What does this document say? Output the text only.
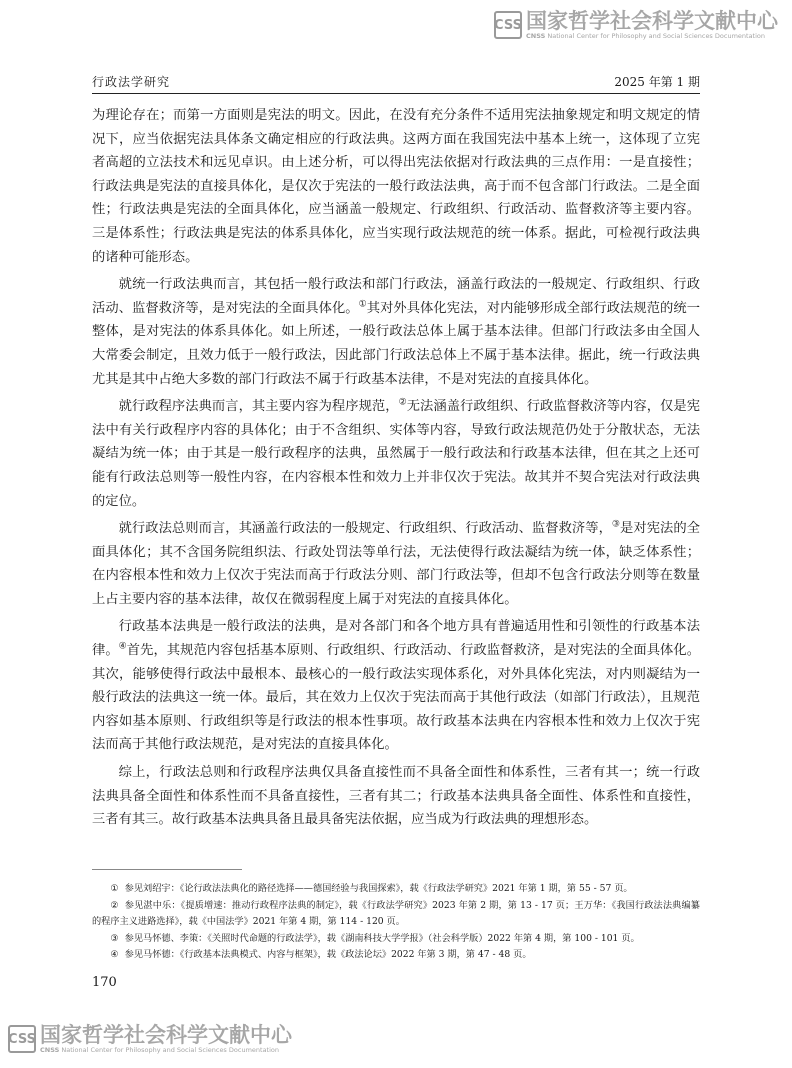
CSS 国家哲学社会科学文献中心
CNSS National Center for Philosophy and Social Sciences Documentation
行政法学研究	2025 年第 1 期

为理论存在；而第一方面则是宪法的明文。因此，在没有充分条件不适用宪法抽象规定和明文规定的情况下，应当依据宪法具体条文确定相应的行政法典。这两方面在我国宪法中基本上统一，这体现了立宪者高超的立法技术和远见卓识。由上述分析，可以得出宪法依据对行政法典的三点作用：一是直接性；行政法典是宪法的直接具体化，是仅次于宪法的一般行政法法典，高于而不包含部门行政法。二是全面性；行政法典是宪法的全面具体化，应当涵盖一般规定、行政组织、行政活动、监督救济等主要内容。三是体系性；行政法典是宪法的体系具体化，应当实现行政法规范的统一体系。据此，可检视行政法典的诸种可能形态。

就统一行政法典而言，其包括一般行政法和部门行政法，涵盖行政法的一般规定、行政组织、行政活动、监督救济等，是对宪法的全面具体化。①其对外具体化宪法，对内能够形成全部行政法规范的统一整体，是对宪法的体系具体化。如上所述，一般行政法总体上属于基本法律。但部门行政法多由全国人大常委会制定，且效力低于一般行政法，因此部门行政法总体上不属于基本法律。据此，统一行政法典尤其是其中占绝大多数的部门行政法不属于行政基本法律，不是对宪法的直接具体化。

就行政程序法典而言，其主要内容为程序规范，②无法涵盖行政组织、行政监督救济等内容，仅是宪法中有关行政程序内容的具体化；由于不含组织、实体等内容，导致行政法规范仍处于分散状态，无法凝结为统一体；由于其是一般行政程序的法典，虽然属于一般行政法和行政基本法律，但在其之上还可能有行政法总则等一般性内容，在内容根本性和效力上并非仅次于宪法。故其并不契合宪法对行政法典的定位。

就行政法总则而言，其涵盖行政法的一般规定、行政组织、行政活动、监督救济等，③是对宪法的全面具体化；其不含国务院组织法、行政处罚法等单行法，无法使得行政法凝结为统一体，缺乏体系性；在内容根本性和效力上仅次于宪法而高于行政法分则、部门行政法等，但却不包含行政法分则等在数量上占主要内容的基本法律，故仅在微弱程度上属于对宪法的直接具体化。

行政基本法典是一般行政法的法典，是对各部门和各个地方具有普遍适用性和引领性的行政基本法律。④首先，其规范内容包括基本原则、行政组织、行政活动、行政监督救济，是对宪法的全面具体化。其次，能够使得行政法中最根本、最核心的一般行政法实现体系化，对外具体化宪法，对内则凝结为一般行政法的法典这一统一体。最后，其在效力上仅次于宪法而高于其他行政法（如部门行政法），且规范内容如基本原则、行政组织等是行政法的根本性事项。故行政基本法典在内容根本性和效力上仅次于宪法而高于其他行政法规范，是对宪法的直接具体化。

综上，行政法总则和行政程序法典仅具备直接性而不具备全面性和体系性，三者有其一；统一行政法典具备全面性和体系性而不具备直接性，三者有其二；行政基本法典具备全面性、体系性和直接性，三者有其三。故行政基本法典具备且最具备宪法依据，应当成为行政法典的理想形态。

① 参见刘绍宇：《论行政法法典化的路径选择——德国经验与我国探索》，载《行政法学研究》2021 年第 1 期，第 55 - 57 页。

② 参见湛中乐：《提质增速：推动行政程序法典的制定》，载《行政法学研究》2023 年第 2 期，第 13 - 17 页；王万华：《我国行政法法典编纂的程序主义进路选择》，载《中国法学》2021 年第 4 期，第 114 - 120 页。

③ 参见马怀德、李策：《关照时代命题的行政法学》，载《湖南科技大学学报》（社会科学版）2022 年第 4 期，第 100 - 101 页。

④ 参见马怀德：《行政基本法典模式、内容与框架》，载《政法论坛》2022 年第 3 期，第 47 - 48 页。

170
CSS 国家哲学社会科学文献中心
CNSS National Center for Philosophy and Social Sciences Documentation
